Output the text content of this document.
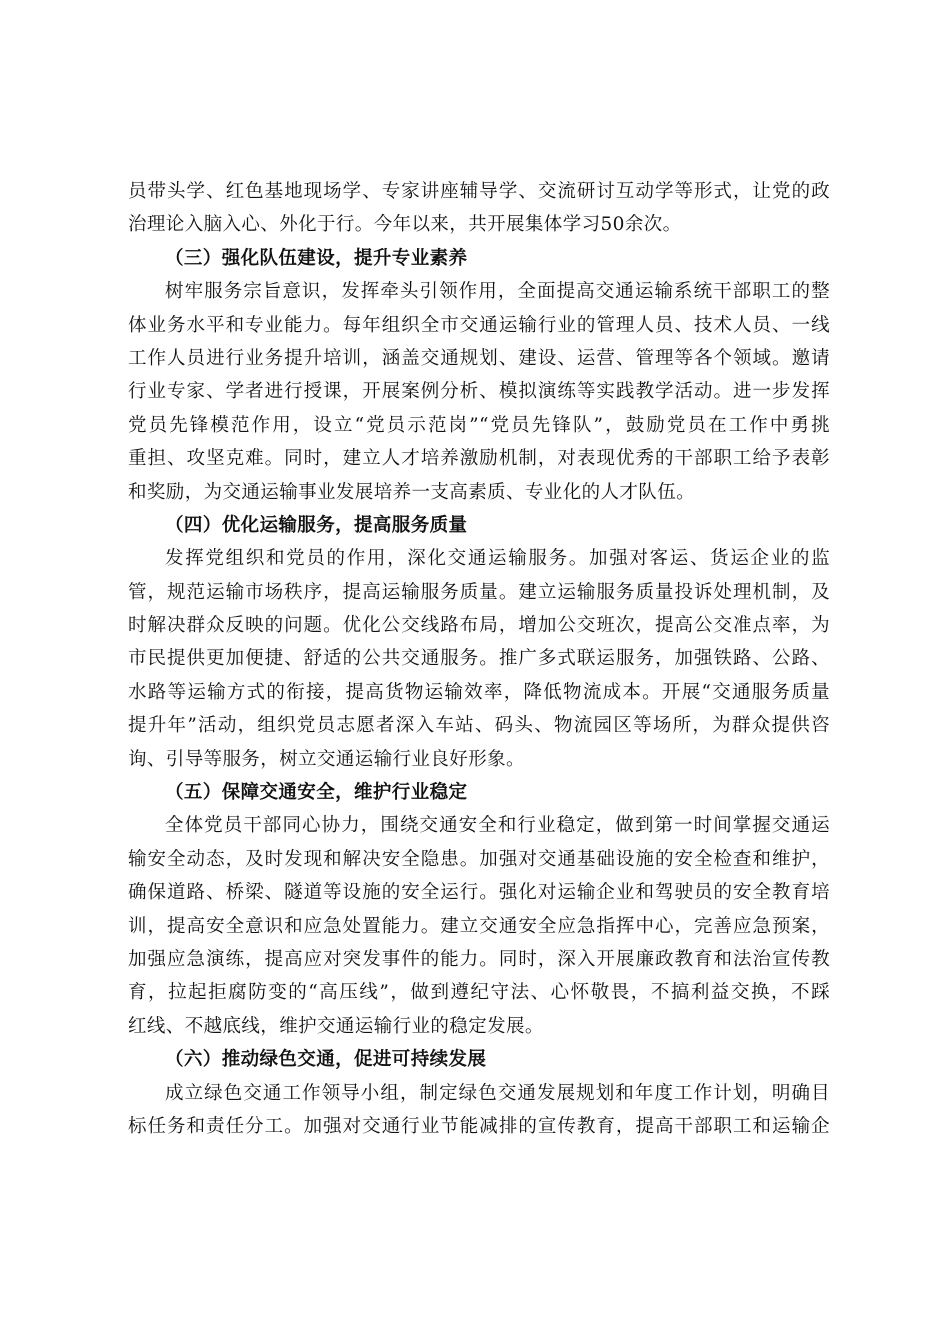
员带头学、红色基地现场学、专家讲座辅导学、交流研讨互动学等形式，让党的政
治理论入脑入心、外化于行。今年以来，共开展集体学习50余次。
（三）强化队伍建设，提升专业素养
树牢服务宗旨意识，发挥牵头引领作用，全面提高交通运输系统干部职工的整
体业务水平和专业能力。每年组织全市交通运输行业的管理人员、技术人员、一线
工作人员进行业务提升培训，涵盖交通规划、建设、运营、管理等各个领域。邀请
行业专家、学者进行授课，开展案例分析、模拟演练等实践教学活动。进一步发挥
党员先锋模范作用，设立“党员示范岗”“党员先锋队”，鼓励党员在工作中勇挑
重担、攻坚克难。同时，建立人才培养激励机制，对表现优秀的干部职工给予表彰
和奖励，为交通运输事业发展培养一支高素质、专业化的人才队伍。
（四）优化运输服务，提高服务质量
发挥党组织和党员的作用，深化交通运输服务。加强对客运、货运企业的监
管，规范运输市场秩序，提高运输服务质量。建立运输服务质量投诉处理机制，及
时解决群众反映的问题。优化公交线路布局，增加公交班次，提高公交准点率，为
市民提供更加便捷、舒适的公共交通服务。推广多式联运服务，加强铁路、公路、
水路等运输方式的衔接，提高货物运输效率，降低物流成本。开展“交通服务质量
提升年”活动，组织党员志愿者深入车站、码头、物流园区等场所，为群众提供咨
询、引导等服务，树立交通运输行业良好形象。
（五）保障交通安全，维护行业稳定
全体党员干部同心协力，围绕交通安全和行业稳定，做到第一时间掌握交通运
输安全动态，及时发现和解决安全隐患。加强对交通基础设施的安全检查和维护，
确保道路、桥梁、隧道等设施的安全运行。强化对运输企业和驾驶员的安全教育培
训，提高安全意识和应急处置能力。建立交通安全应急指挥中心，完善应急预案，
加强应急演练，提高应对突发事件的能力。同时，深入开展廉政教育和法治宣传教
育，拉起拒腐防变的“高压线”，做到遵纪守法、心怀敬畏，不搞利益交换，不踩
红线、不越底线，维护交通运输行业的稳定发展。
（六）推动绿色交通，促进可持续发展
成立绿色交通工作领导小组，制定绿色交通发展规划和年度工作计划，明确目
标任务和责任分工。加强对交通行业节能减排的宣传教育，提高干部职工和运输企
